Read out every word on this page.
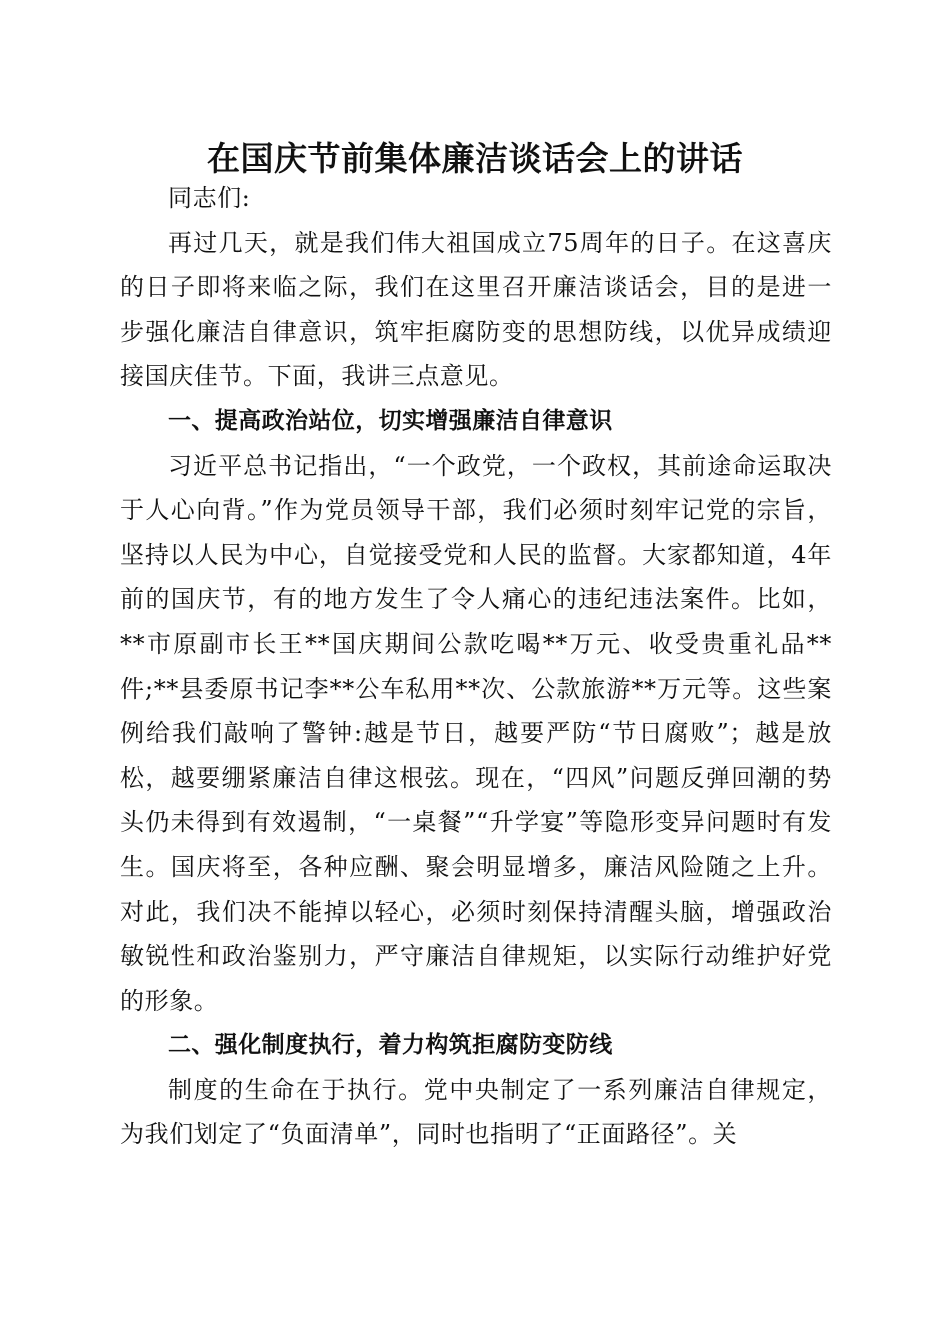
在国庆节前集体廉洁谈话会上的讲话

同志们:

再过几天，就是我们伟大祖国成立75周年的日子。在这喜庆的日子即将来临之际，我们在这里召开廉洁谈话会，目的是进一步强化廉洁自律意识，筑牢拒腐防变的思想防线，以优异成绩迎接国庆佳节。下面，我讲三点意见。

一、提高政治站位，切实增强廉洁自律意识

习近平总书记指出，“一个政党，一个政权，其前途命运取决于人心向背。”作为党员领导干部，我们必须时刻牢记党的宗旨，坚持以人民为中心，自觉接受党和人民的监督。大家都知道，4年前的国庆节，有的地方发生了令人痛心的违纪违法案件。比如，**市原副市长王**国庆期间公款吃喝**万元、收受贵重礼品**件;**县委原书记李**公车私用**次、公款旅游**万元等。这些案例给我们敲响了警钟:越是节日，越要严防“节日腐败”；越是放松，越要绷紧廉洁自律这根弦。现在，“四风”问题反弹回潮的势头仍未得到有效遏制，“一桌餐”“升学宴”等隐形变异问题时有发生。国庆将至，各种应酬、聚会明显增多，廉洁风险随之上升。对此，我们决不能掉以轻心，必须时刻保持清醒头脑，增强政治敏锐性和政治鉴别力，严守廉洁自律规矩，以实际行动维护好党的形象。

二、强化制度执行，着力构筑拒腐防变防线

制度的生命在于执行。党中央制定了一系列廉洁自律规定，为我们划定了“负面清单”，同时也指明了“正面路径”。关
